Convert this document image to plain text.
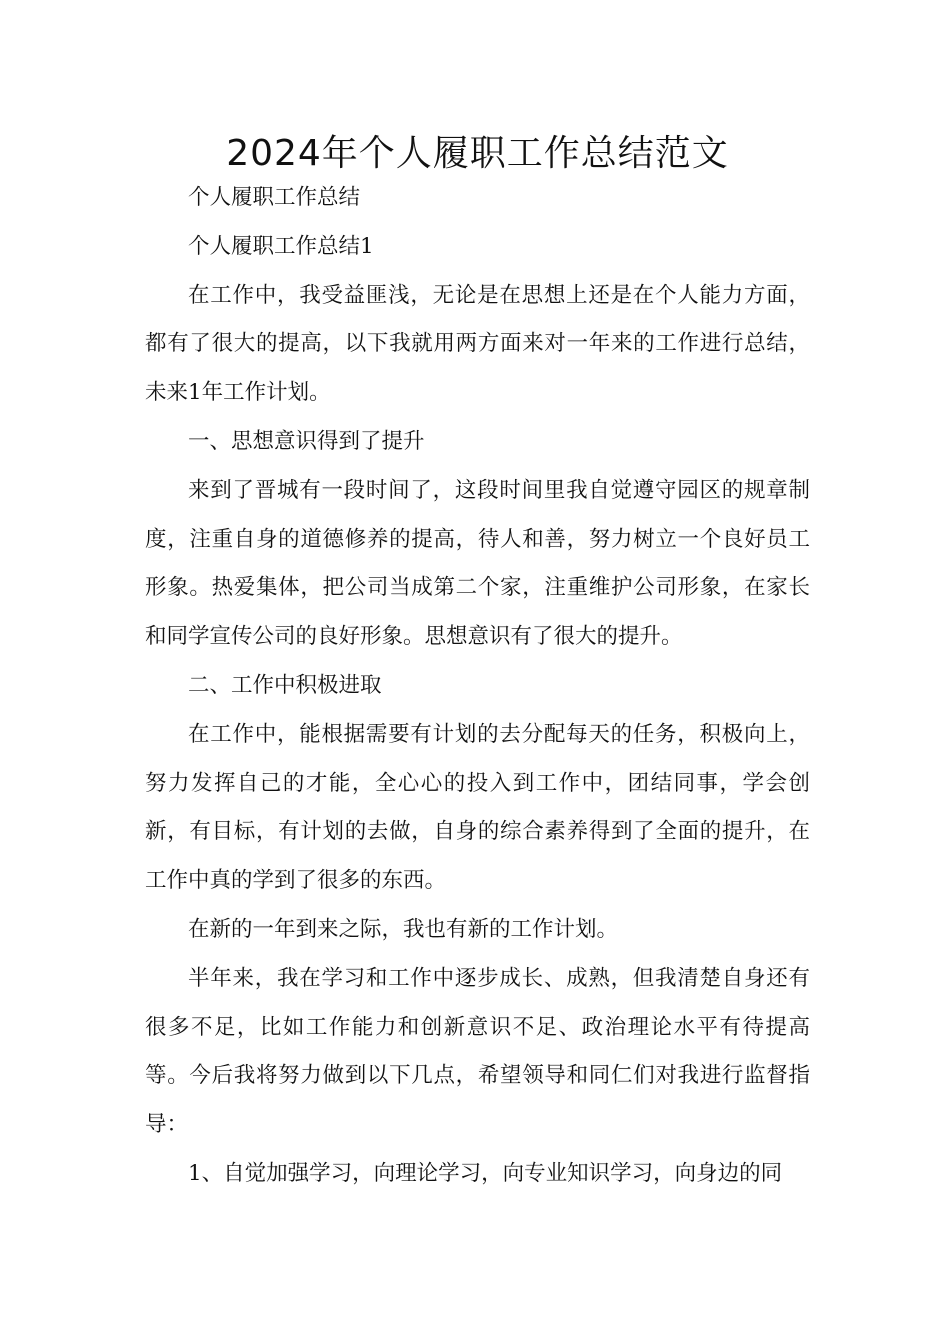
2024年个人履职工作总结范文

个人履职工作总结

个人履职工作总结1

在工作中，我受益匪浅，无论是在思想上还是在个人能力方面，都有了很大的提高，以下我就用两方面来对一年来的工作进行总结，未来1年工作计划。

一、思想意识得到了提升

来到了晋城有一段时间了，这段时间里我自觉遵守园区的规章制度，注重自身的道德修养的提高，待人和善，努力树立一个良好员工形象。热爱集体，把公司当成第二个家，注重维护公司形象，在家长和同学宣传公司的良好形象。思想意识有了很大的提升。

二、工作中积极进取

在工作中，能根据需要有计划的去分配每天的任务，积极向上，努力发挥自己的才能，全心心的投入到工作中，团结同事，学会创新，有目标，有计划的去做，自身的综合素养得到了全面的提升，在工作中真的学到了很多的东西。

在新的一年到来之际，我也有新的工作计划。

半年来，我在学习和工作中逐步成长、成熟，但我清楚自身还有很多不足，比如工作能力和创新意识不足、政治理论水平有待提高等。今后我将努力做到以下几点，希望领导和同仁们对我进行监督指导：

1、自觉加强学习，向理论学习，向专业知识学习，向身边的同
